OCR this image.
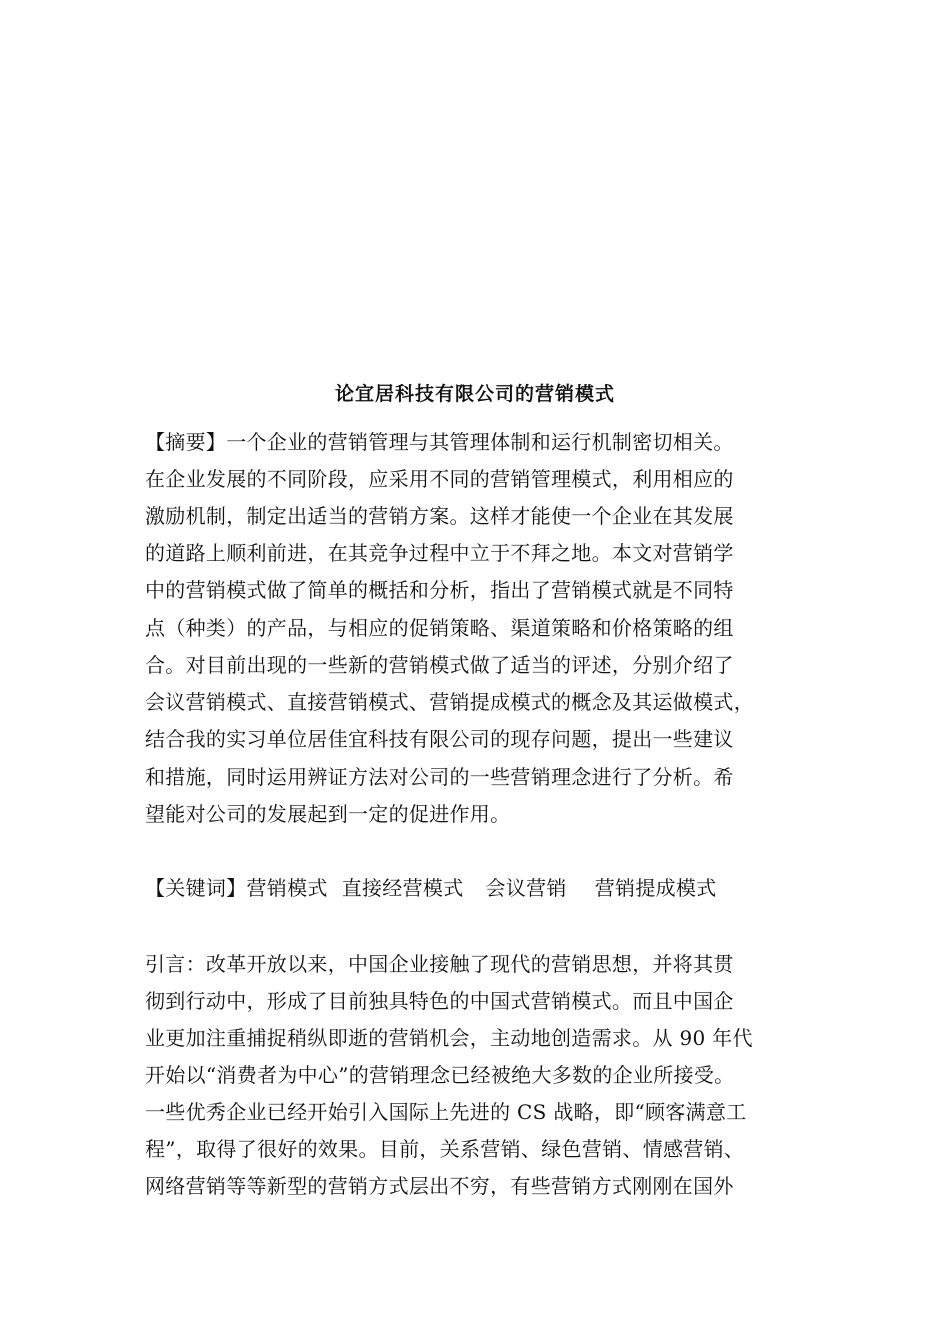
论宜居科技有限公司的营销模式
【摘要】一个企业的营销管理与其管理体制和运行机制密切相关。
在企业发展的不同阶段，应采用不同的营销管理模式，利用相应的
激励机制，制定出适当的营销方案。这样才能使一个企业在其发展
的道路上顺利前进，在其竞争过程中立于不拜之地。本文对营销学
中的营销模式做了简单的概括和分析，指出了营销模式就是不同特
点（种类）的产品，与相应的促销策略、渠道策略和价格策略的组
合。对目前出现的一些新的营销模式做了适当的评述，分别介绍了
会议营销模式、直接营销模式、营销提成模式的概念及其运做模式，
结合我的实习单位居佳宜科技有限公司的现存问题，提出一些建议
和措施，同时运用辨证方法对公司的一些营销理念进行了分析。希
望能对公司的发展起到一定的促进作用。
【关键词】营销模式 直接经营模式 会议营销 营销提成模式
引言：改革开放以来，中国企业接触了现代的营销思想，并将其贯
彻到行动中，形成了目前独具特色的中国式营销模式。而且中国企
业更加注重捕捉稍纵即逝的营销机会，主动地创造需求。从 90 年代
开始以“消费者为中心”的营销理念已经被绝大多数的企业所接受。
一些优秀企业已经开始引入国际上先进的 CS 战略，即“顾客满意工
程”，取得了很好的效果。目前，关系营销、绿色营销、情感营销、
网络营销等等新型的营销方式层出不穷，有些营销方式刚刚在国外
